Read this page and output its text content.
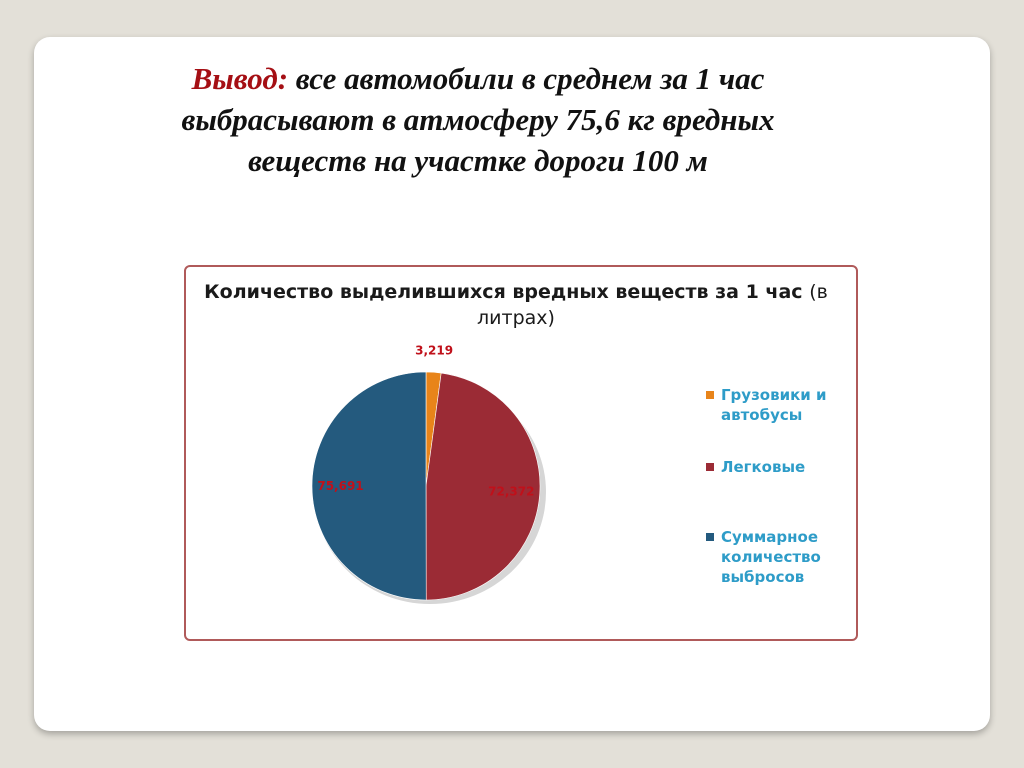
Вывод: все автомобили в среднем за 1 час выбрасывают в атмосферу 75,6 кг вредных веществ на участке дороги 100 м
Количество выделившихся вредных веществ за 1 час (в литрах)
3,219
72,372
75,691
Грузовики и автобусы
Легковые
Суммарное количество выбросов
